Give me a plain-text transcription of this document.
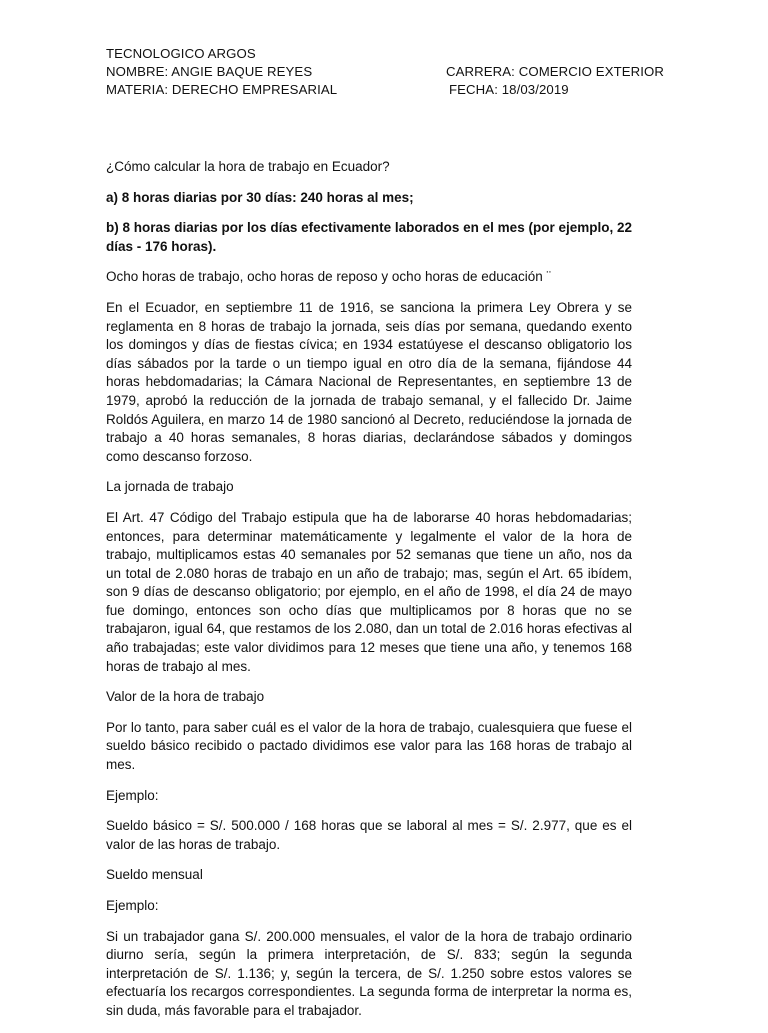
TECNOLOGICO ARGOS
NOMBRE: ANGIE BAQUE REYES	CARRERA: COMERCIO EXTERIOR
MATERIA: DERECHO EMPRESARIAL	FECHA: 18/03/2019

¿Cómo calcular la hora de trabajo en Ecuador?

a) 8 horas diarias por 30 días: 240 horas al mes;

b) 8 horas diarias por los días efectivamente laborados en el mes (por ejemplo, 22 días - 176 horas).

Ocho horas de trabajo, ocho horas de reposo y ocho horas de educación ¨

En el Ecuador, en septiembre 11 de 1916, se sanciona la primera Ley Obrera y se reglamenta en 8 horas de trabajo la jornada, seis días por semana, quedando exento los domingos y días de fiestas cívica; en 1934 estatúyese el descanso obligatorio los días sábados por la tarde o un tiempo igual en otro día de la semana, fijándose 44 horas hebdomadarias; la Cámara Nacional de Representantes, en septiembre 13 de 1979, aprobó la reducción de la jornada de trabajo semanal, y el fallecido Dr. Jaime Roldós Aguilera, en marzo 14 de 1980 sancionó al Decreto, reduciéndose la jornada de trabajo a 40 horas semanales, 8 horas diarias, declarándose sábados y domingos como descanso forzoso.

La jornada de trabajo

El Art. 47 Código del Trabajo estipula que ha de laborarse 40 horas hebdomadarias; entonces, para determinar matemáticamente y legalmente el valor de la hora de trabajo, multiplicamos estas 40 semanales por 52 semanas que tiene un año, nos da un total de 2.080 horas de trabajo en un año de trabajo; mas, según el Art. 65 ibídem, son 9 días de descanso obligatorio; por ejemplo, en el año de 1998, el día 24 de mayo fue domingo, entonces son ocho días que multiplicamos por 8 horas que no se trabajaron, igual 64, que restamos de los 2.080, dan un total de 2.016 horas efectivas al año trabajadas; este valor dividimos para 12 meses que tiene una año, y tenemos 168 horas de trabajo al mes.

Valor de la hora de trabajo

Por lo tanto, para saber cuál es el valor de la hora de trabajo, cualesquiera que fuese el sueldo básico recibido o pactado dividimos ese valor para las 168 horas de trabajo al mes.

Ejemplo:

Sueldo básico = S/. 500.000 / 168 horas que se laboral al mes = S/. 2.977, que es el valor de las horas de trabajo.

Sueldo mensual

Ejemplo:

Si un trabajador gana S/. 200.000 mensuales, el valor de la hora de trabajo ordinario diurno sería, según la primera interpretación, de S/. 833; según la segunda interpretación de S/. 1.136; y, según la tercera, de S/. 1.250 sobre estos valores se efectuaría los recargos correspondientes. La segunda forma de interpretar la norma es, sin duda, más favorable para el trabajador.
